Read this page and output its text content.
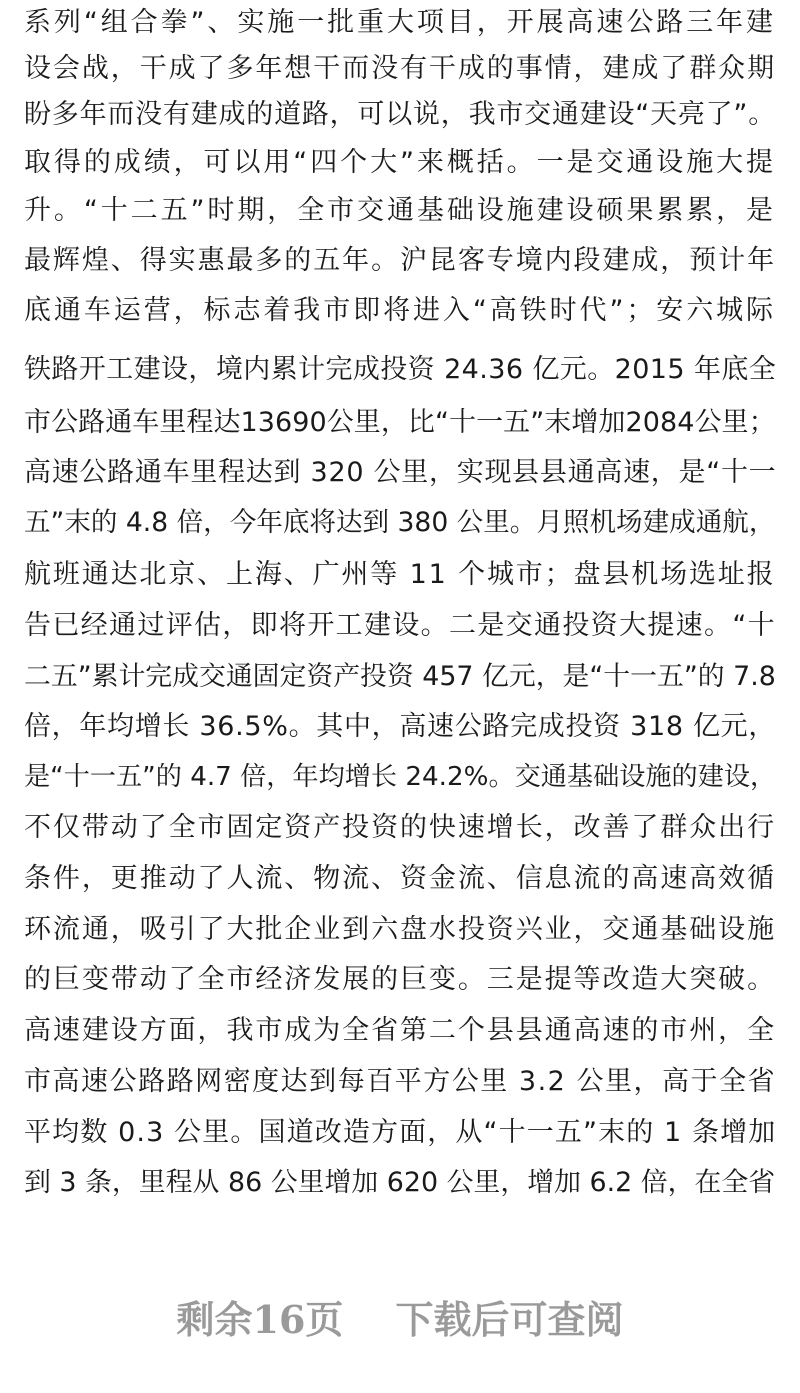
系列“组合拳”、实施一批重大项目，开展高速公路三年建
设会战，干成了多年想干而没有干成的事情，建成了群众期
盼多年而没有建成的道路，可以说，我市交通建设“天亮了”。
取得的成绩，可以用“四个大”来概括。一是交通设施大提
升。“十二五”时期，全市交通基础设施建设硕果累累，是
最辉煌、得实惠最多的五年。沪昆客专境内段建成，预计年
底通车运营，标志着我市即将进入“高铁时代”；安六城际
铁路开工建设，境内累计完成投资 24.36 亿元。2015 年底全
市公路通车里程达13690公里，比“十一五”末增加2084公里；
高速公路通车里程达到 320 公里，实现县县通高速，是“十一
五”末的 4.8 倍，今年底将达到 380 公里。月照机场建成通航，
航班通达北京、上海、广州等 11 个城市；盘县机场选址报
告已经通过评估，即将开工建设。二是交通投资大提速。“十
二五”累计完成交通固定资产投资 457 亿元，是“十一五”的 7.8
倍，年均增长 36.5%。其中，高速公路完成投资 318 亿元，
是“十一五”的 4.7 倍，年均增长 24.2%。交通基础设施的建设，
不仅带动了全市固定资产投资的快速增长，改善了群众出行
条件，更推动了人流、物流、资金流、信息流的高速高效循
环流通，吸引了大批企业到六盘水投资兴业，交通基础设施
的巨变带动了全市经济发展的巨变。三是提等改造大突破。
高速建设方面，我市成为全省第二个县县通高速的市州，全
市高速公路路网密度达到每百平方公里 3.2 公里，高于全省
平均数 0.3 公里。国道改造方面，从“十一五”末的 1 条增加
到 3 条，里程从 86 公里增加 620 公里，增加 6.2 倍，在全省
剩余16页 下载后可查阅
